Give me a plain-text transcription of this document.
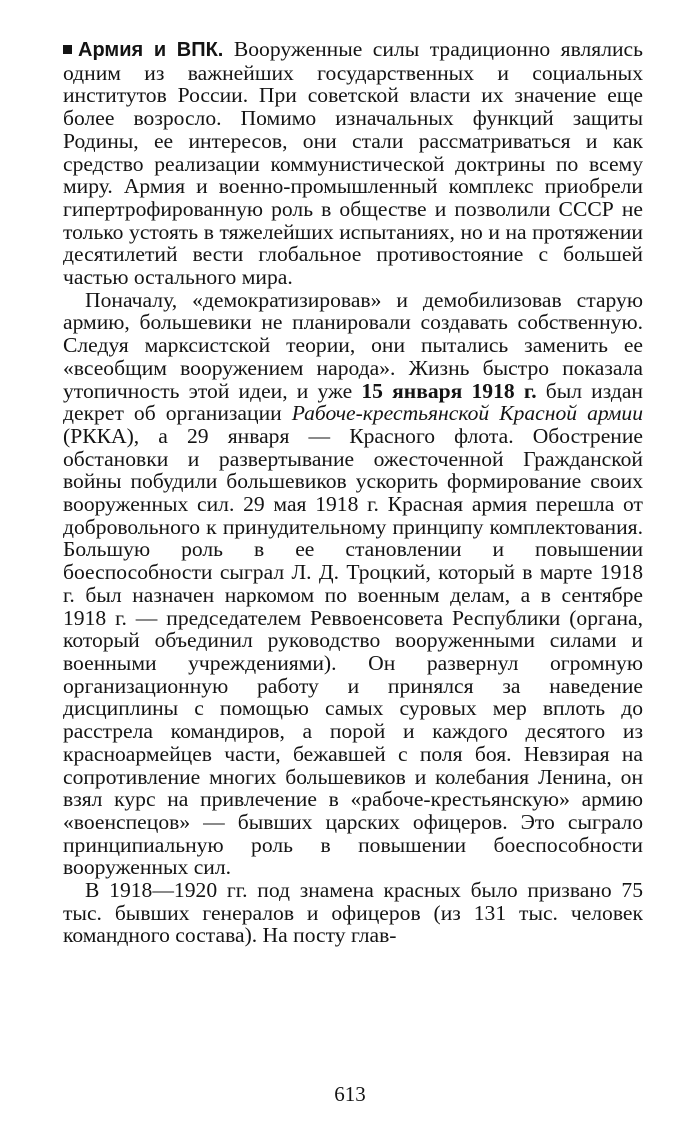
Армия и ВПК. Вооруженные силы традиционно являлись одним из важнейших государственных и социальных институтов России. При советской власти их значение еще более возросло. Помимо изначальных функций защиты Родины, ее интересов, они стали рассматриваться и как средство реализации коммунистической доктрины по всему миру. Армия и военно-промышленный комплекс приобрели гипертрофированную роль в обществе и позволили СССР не только устоять в тяжелейших испытаниях, но и на протяжении десятилетий вести глобальное противостояние с большей частью остального мира.

Поначалу, «демократизировав» и демобилизовав старую армию, большевики не планировали создавать собственную. Следуя марксистской теории, они пытались заменить ее «всеобщим вооружением народа». Жизнь быстро показала утопичность этой идеи, и уже 15 января 1918 г. был издан декрет об организации Рабоче-крестьянской Красной армии (РККА), а 29 января — Красного флота. Обострение обстановки и развертывание ожесточенной Гражданской войны побудили большевиков ускорить формирование своих вооруженных сил. 29 мая 1918 г. Красная армия перешла от добровольного к принудительному принципу комплектования. Большую роль в ее становлении и повышении боеспособности сыграл Л. Д. Троцкий, который в марте 1918 г. был назначен наркомом по военным делам, а в сентябре 1918 г. — председателем Реввоенсовета Республики (органа, который объединил руководство вооруженными силами и военными учреждениями). Он развернул огромную организационную работу и принялся за наведение дисциплины с помощью самых суровых мер вплоть до расстрела командиров, а порой и каждого десятого из красноармейцев части, бежавшей с поля боя. Невзирая на сопротивление многих большевиков и колебания Ленина, он взял курс на привлечение в «рабоче-крестьянскую» армию «военспецов» — бывших царских офицеров. Это сыграло принципиальную роль в повышении боеспособности вооруженных сил.

В 1918—1920 гг. под знамена красных было призвано 75 тыс. бывших генералов и офицеров (из 131 тыс. человек командного состава). На посту глав-

613
